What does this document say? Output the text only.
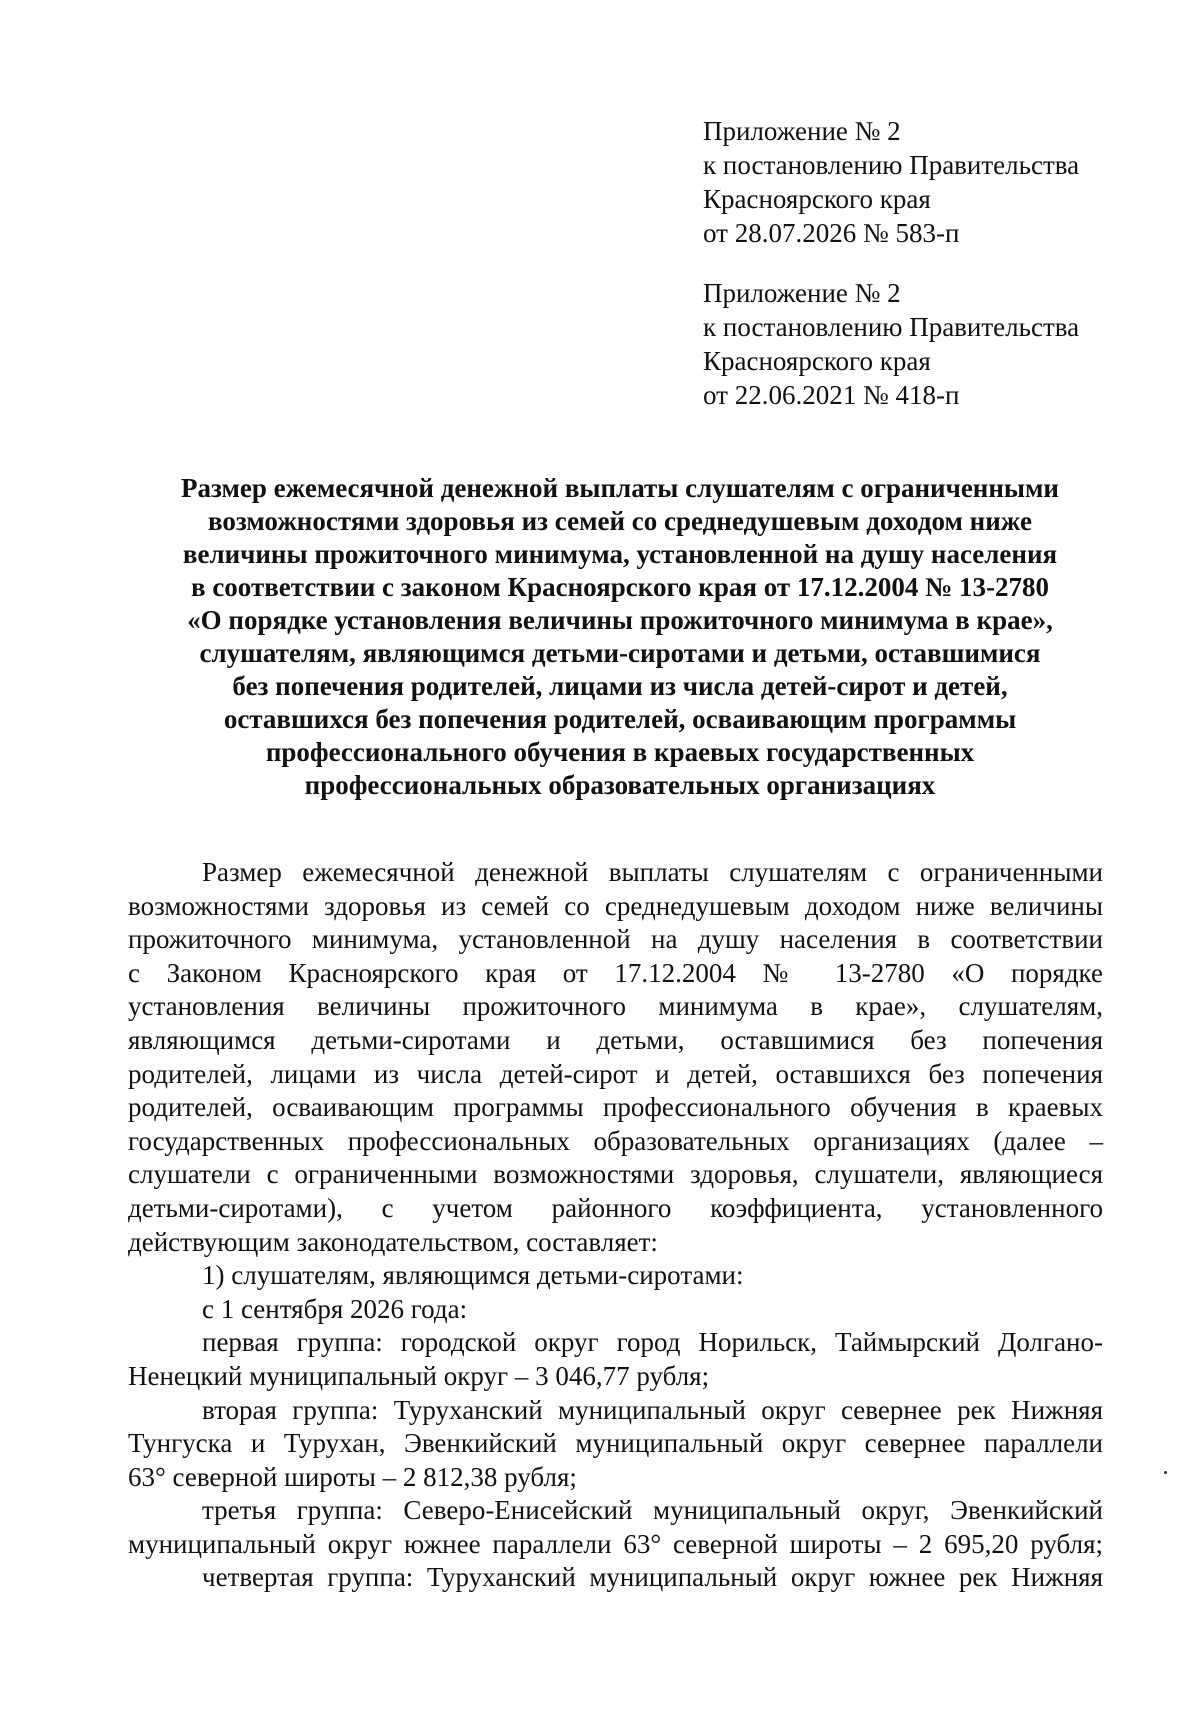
Приложение № 2
к постановлению Правительства
Красноярского края
от 28.07.2026 № 583-п
Приложение № 2
к постановлению Правительства
Красноярского края
от 22.06.2021 № 418-п
Размер ежемесячной денежной выплаты слушателям с ограниченными
возможностями здоровья из семей со среднедушевым доходом ниже
величины прожиточного минимума, установленной на душу населения
в соответствии с законом Красноярского края от 17.12.2004 № 13-2780
«О порядке установления величины прожиточного минимума в крае»,
слушателям, являющимся детьми-сиротами и детьми, оставшимися
без попечения родителей, лицами из числа детей-сирот и детей,
оставшихся без попечения родителей, осваивающим программы
профессионального обучения в краевых государственных
профессиональных образовательных организациях

Размер ежемесячной денежной выплаты слушателям с ограниченными

возможностями здоровья из семей со среднедушевым доходом ниже величины

прожиточного минимума, установленной на душу населения в соответствии

с Законом Красноярского края от 17.12.2004 № 13-2780 «О порядке

установления величины прожиточного минимума в крае», слушателям,

являющимся детьми-сиротами и детьми, оставшимися без попечения

родителей, лицами из числа детей-сирот и детей, оставшихся без попечения

родителей, осваивающим программы профессионального обучения в краевых

государственных профессиональных образовательных организациях (далее –

слушатели с ограниченными возможностями здоровья, слушатели, являющиеся

детьми-сиротами), с учетом районного коэффициента, установленного

действующим законодательством, составляет:

1) слушателям, являющимся детьми-сиротами:

с 1 сентября 2026 года:

первая группа: городской округ город Норильск, Таймырский Долгано-

Ненецкий муниципальный округ – 3 046,77 рубля;

вторая группа: Туруханский муниципальный округ севернее рек Нижняя

Тунгуска и Турухан, Эвенкийский муниципальный округ севернее параллели

63° северной широты – 2 812,38 рубля;

третья группа: Северо-Енисейский муниципальный округ, Эвенкийский

муниципальный округ южнее параллели 63° северной широты – 2 695,20 рубля;

четвертая группа: Туруханский муниципальный округ южнее рек Нижняя
